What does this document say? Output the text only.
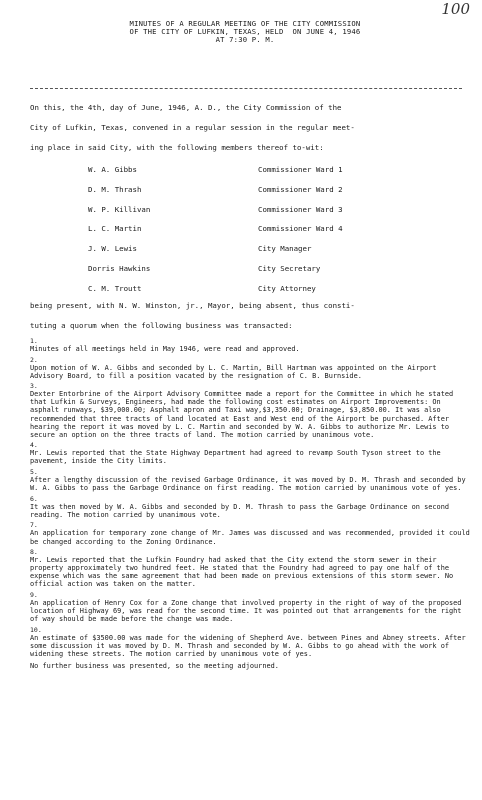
100
MINUTES OF A REGULAR MEETING OF THE CITY COMMISSION
OF THE CITY OF LUFKIN, TEXAS, HELD  ON JUNE 4, 1946
AT 7:30 P. M.
On this, the 4th, day of June, 1946, A. D., the City Commission of the
City of Lufkin, Texas, convened in a regular session in the regular meet-
ing place in said City, with the following members thereof to-wit:
W. A. Gibbs	Commissioner Ward 1
D. M. Thrash	Commissioner Ward 2
W. P. Killivan	Commissioner Ward 3
L. C. Martin	Commissioner Ward 4
J. W. Lewis	City Manager
Dorris Hawkins	City Secretary
C. M. Troutt	City Attorney
being present, with N. W. Winston, jr., Mayor, being absent, thus consti-
tuting a quorum when the following business was transacted:
1.
Minutes of all meetings held in May 1946, were read and approved.
2.
Upon motion of W. A. Gibbs and seconded by L. C. Martin, Bill Hartman was appointed on the Airport Advisory Board, to fill a position vacated by the resignation of C. B. Burnside.
3.
Dexter Entorbrine of the Airport Advisory Committee made a report for the Committee in which he stated that Lufkin & Surveys, Engineers, had made the following cost estimates on Airport Improvements: On asphalt runways, $39,000.00; Asphalt apron and Taxi way,$3,350.00; Drainage, $3,850.00. It was also recommended that three tracts of land located at East and West end of the Airport be purchased. After hearing the report it was moved by L. C. Martin and seconded by W. A. Gibbs to authorize Mr. Lewis to secure an option on the three tracts of land. The motion carried by unanimous vote.
4.
Mr. Lewis reported that the State Highway Department had agreed to revamp South Tyson street to the pavement, inside the City limits.
5.
After a lengthy discussion of the revised Garbage Ordinance, it was moved by D. M. Thrash and seconded by W. A. Gibbs to pass the Garbage Ordinance on first reading. The motion carried by unanimous vote of yes.
6.
It was then moved by W. A. Gibbs and seconded by D. M. Thrash to pass the Garbage Ordinance on second reading. The motion carried by unanimous vote.
7.
An application for temporary zone change of Mr. James was discussed and was recommended, provided it could be changed according to the Zoning Ordinance.
8.
Mr. Lewis reported that the Lufkin Foundry had asked that the City extend the storm sewer in their property approximately two hundred feet. He stated that the Foundry had agreed to pay one half of the expense which was the same agreement that had been made on previous extensions of this storm sewer. No official action was taken on the matter.
9.
An application of Henry Cox for a Zone change that involved property in the right of way of the proposed location of Highway 69, was read for the second time. It was pointed out that arrangements for the right of way should be made before the change was made.
10.
An estimate of $3500.00 was made for the widening of Shepherd Ave. between Pines and Abney streets. After some discussion it was moved by D. M. Thrash and seconded by W. A. Gibbs to go ahead with the work of widening these streets. The motion carried by unanimous vote of yes.
No further business was presented, so the meeting adjourned.
